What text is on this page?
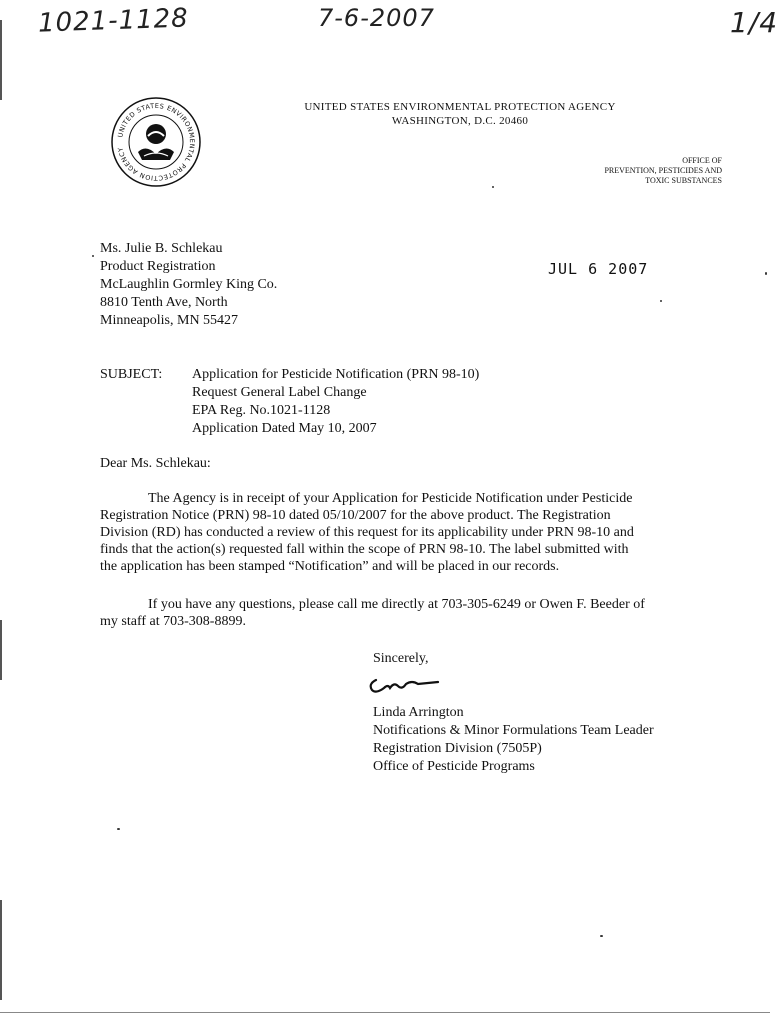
1021-1128	7-6-2007	1/4
UNITED STATES ENVIRONMENTAL PROTECTION AGENCY
UNITED STATES ENVIRONMENTAL PROTECTION AGENCY
WASHINGTON, D.C. 20460
OFFICE OF
PREVENTION, PESTICIDES AND
TOXIC SUBSTANCES
Ms. Julie B. Schlekau
Product Registration
McLaughlin Gormley King Co.
8810 Tenth Ave, North
Minneapolis, MN 55427
JUL 6 2007
SUBJECT: Application for Pesticide Notification (PRN 98-10)
Request General Label Change
EPA Reg. No.1021-1128
Application Dated May 10, 2007
Dear Ms. Schlekau:
The Agency is in receipt of your Application for Pesticide Notification under Pesticide
Registration Notice (PRN) 98-10 dated 05/10/2007 for the above product. The Registration
Division (RD) has conducted a review of this request for its applicability under PRN 98-10 and
finds that the action(s) requested fall within the scope of PRN 98-10. The label submitted with
the application has been stamped “Notification” and will be placed in our records.
If you have any questions, please call me directly at 703-305-6249 or Owen F. Beeder of
my staff at 703-308-8899.
Sincerely,
Linda Arrington
Notifications & Minor Formulations Team Leader
Registration Division (7505P)
Office of Pesticide Programs
